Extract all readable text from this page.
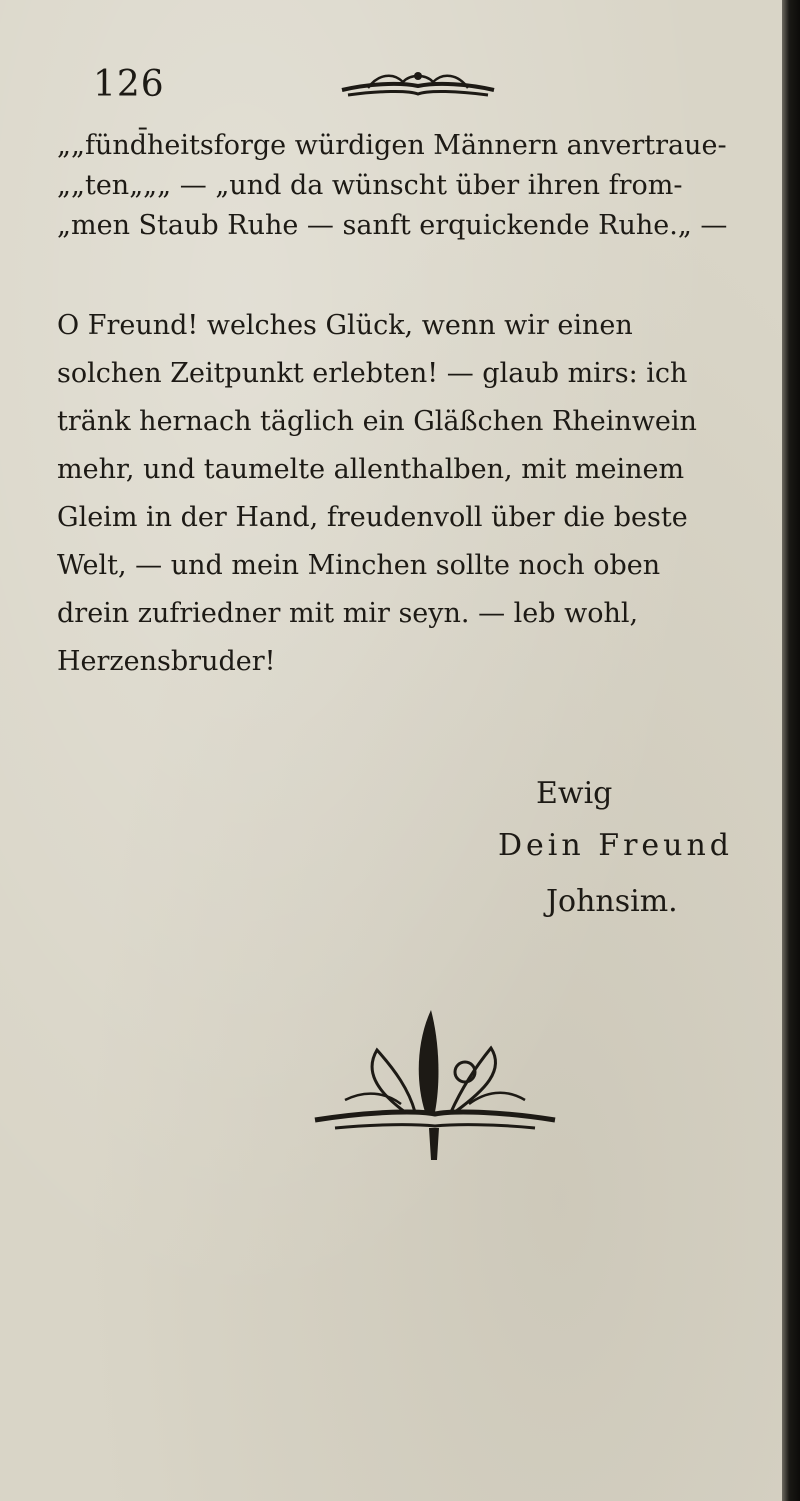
126
„„fünd̄heitsforge würdigen Männern anvertraue-
„„ten„„„ — „und da wünscht über ihren from-
„men Staub Ruhe — sanft erquickende Ruhe.„ —
O Freund! welches Glück, wenn wir einen
solchen Zeitpunkt erlebten! — glaub mirs: ich
tränk hernach täglich ein Gläßchen Rheinwein
mehr, und taumelte allenthalben, mit meinem
Gleim in der Hand, freudenvoll über die beste
Welt, — und mein Minchen sollte noch oben
drein zufriedner mit mir seyn. — leb wohl,
Herzensbruder!
Ewig
Dein Freund
Johnsim.
